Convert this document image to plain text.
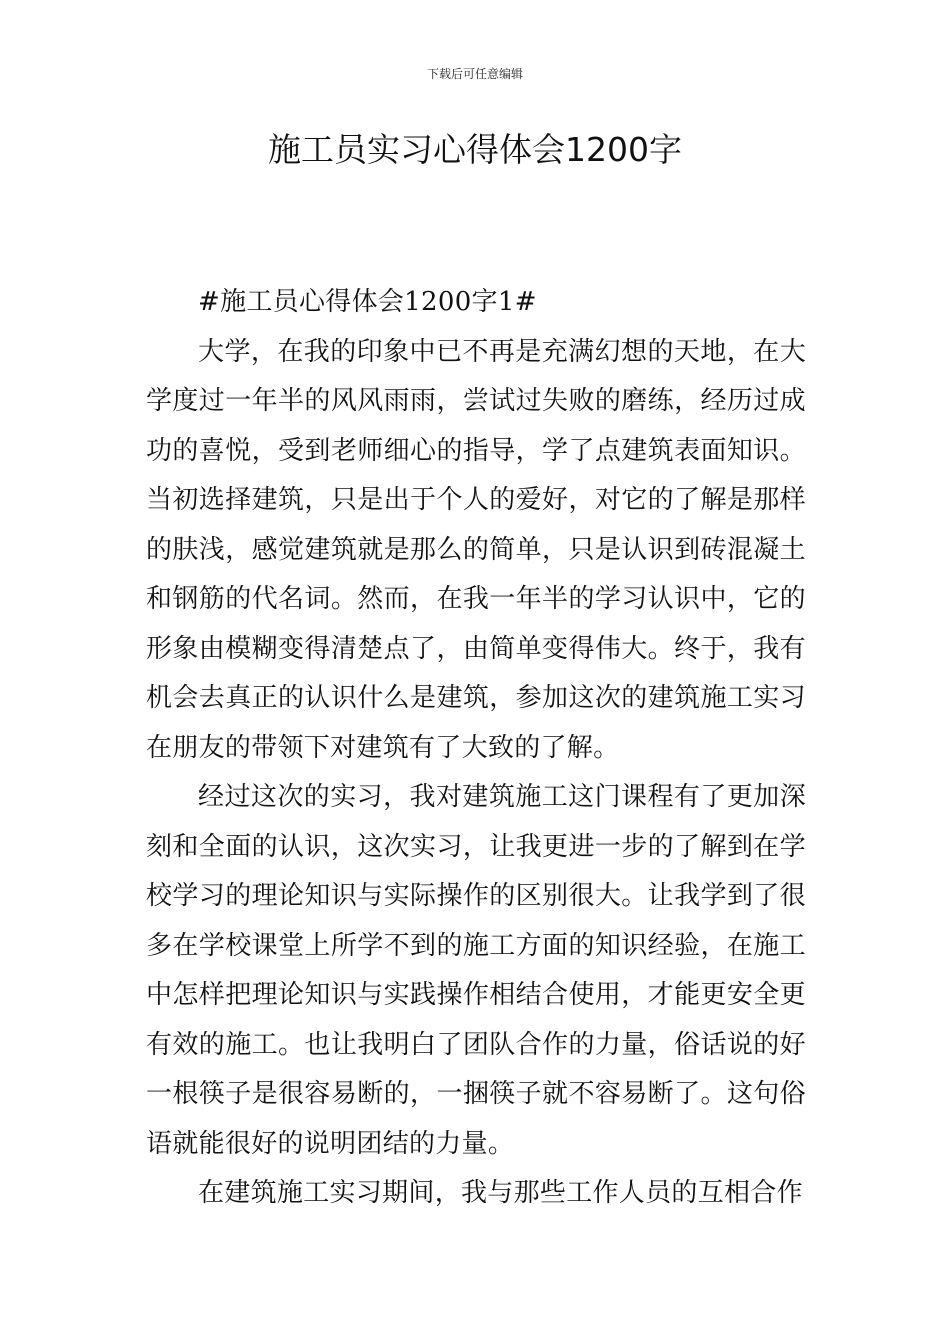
下载后可任意编辑
施工员实习心得体会1200字

#施工员心得体会1200字1#

大学，在我的印象中已不再是充满幻想的天地，在大学度过一年半的风风雨雨，尝试过失败的磨练，经历过成功的喜悦，受到老师细心的指导，学了点建筑表面知识。当初选择建筑，只是出于个人的爱好，对它的了解是那样的肤浅，感觉建筑就是那么的简单，只是认识到砖混凝土和钢筋的代名词。然而，在我一年半的学习认识中，它的形象由模糊变得清楚点了，由简单变得伟大。终于，我有机会去真正的认识什么是建筑，参加这次的建筑施工实习在朋友的带领下对建筑有了大致的了解。

经过这次的实习，我对建筑施工这门课程有了更加深刻和全面的认识，这次实习，让我更进一步的了解到在学校学习的理论知识与实际操作的区别很大。让我学到了很多在学校课堂上所学不到的施工方面的知识经验，在施工中怎样把理论知识与实践操作相结合使用，才能更安全更有效的施工。也让我明白了团队合作的力量，俗话说的好一根筷子是很容易断的，一捆筷子就不容易断了。这句俗语就能很好的说明团结的力量。

在建筑施工实习期间，我与那些工作人员的互相合作
